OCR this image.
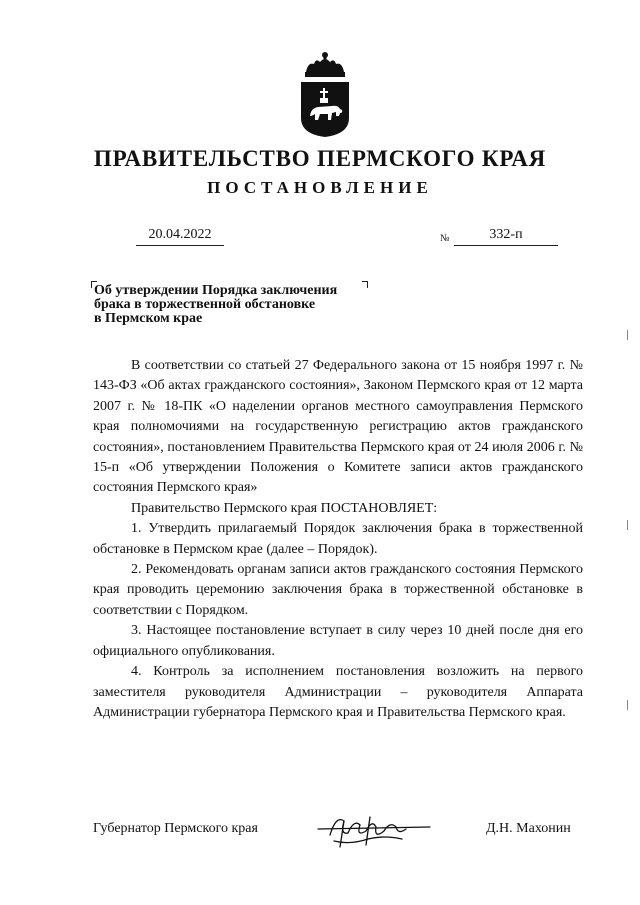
ПРАВИТЕЛЬСТВО ПЕРМСКОГО КРАЯ
ПОСТАНОВЛЕНИЕ
20.04.2022	№	332-п
Об утверждении Порядка заключения
брака в торжественной обстановке
в Пермском крае

В соответствии со статьей 27 Федерального закона от 15 ноября 1997 г. № 143-ФЗ «Об актах гражданского состояния», Законом Пермского края от 12 марта 2007 г. № 18-ПК «О наделении органов местного самоуправления Пермского края полномочиями на государственную регистрацию актов гражданского состояния», постановлением Правительства Пермского края от 24 июля 2006 г. № 15-п «Об утверждении Положения о Комитете записи актов гражданского состояния Пермского края»

Правительство Пермского края ПОСТАНОВЛЯЕТ:

1. Утвердить прилагаемый Порядок заключения брака в торжественной обстановке в Пермском крае (далее – Порядок).

2. Рекомендовать органам записи актов гражданского состояния Пермского края проводить церемонию заключения брака в торжественной обстановке в соответствии с Порядком.

3. Настоящее постановление вступает в силу через 10 дней после дня его официального опубликования.

4. Контроль за исполнением постановления возложить на первого заместителя руководителя Администрации – руководителя Аппарата Администрации губернатора Пермского края и Правительства Пермского края.

Губернатор Пермского края	Д.Н. Махонин
